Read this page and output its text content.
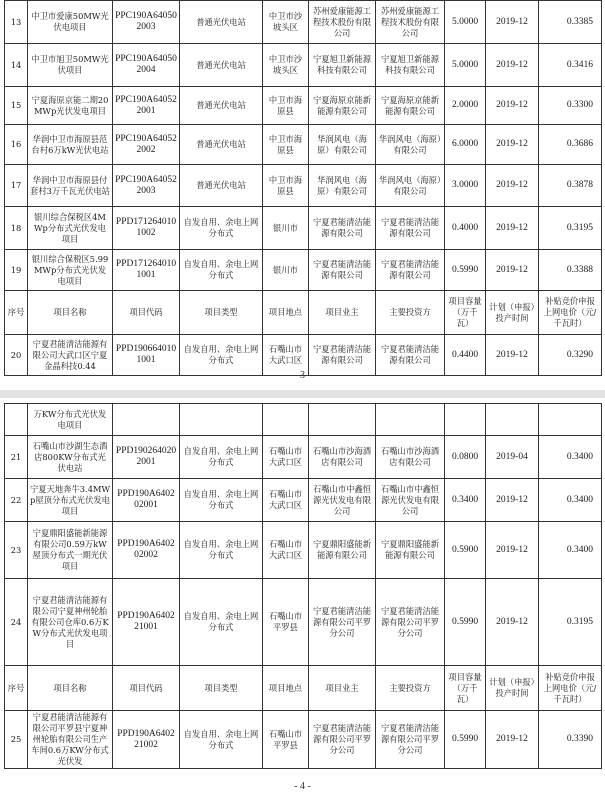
13	中卫市爱康50MW光伏电项目	PPC190A640502003	普通光伏电站	中卫市沙坡头区	苏州爱康能源工程技术股份有限公司	苏州爱康能源工程技术股份有限公司	5.0000	2019-12	0.3385
14	中卫市旭卫50MW光伏项目	PPC190A640502004	普通光伏电站	中卫市沙坡头区	宁夏旭卫新能源科技有限公司	宁夏旭卫新能源科技有限公司	5.0000	2019-12	0.3416
15	宁夏海原京能二期20MWp光伏发电项目	PPC190A640522001	普通光伏电站	中卫市海原县	宁夏海原京能新能源有限公司	宁夏海原京能新能源有限公司	2.0000	2019-12	0.3300
16	华润中卫市海原县范台村6万kW光伏电站	PPC190A640522002	普通光伏电站	中卫市海原县	华润风电（海原）有限公司	华润风电（海原）有限公司	6.0000	2019-12	0.3686
17	华润中卫市海原县付套村3万千瓦光伏电站	PPC190A640522003	普通光伏电站	中卫市海原县	华润风电（海原）有限公司	华润风电（海原）有限公司	3.0000	2019-12	0.3878
18	银川综合保税区4MWp分布式光伏发电项目	PPD1712640101002	自发自用、余电上网分布式	银川市	宁夏君能清洁能源有限公司	宁夏君能清洁能源有限公司	0.4000	2019-12	0.3195
19	银川综合保税区5.99MWp分布式光伏发电项目	PPD1712640101001	自发自用、余电上网分布式	银川市	宁夏君能清洁能源有限公司	宁夏君能清洁能源有限公司	0.5990	2019-12	0.3388
序号	项目名称	项目代码	项目类型	项目地点	项目业主	主要投资方	项目容量（万千瓦）	计划（申报）投产时间	补贴竞价申报上网电价（元/千瓦时）
20	宁夏君能清洁能源有限公司大武口区宁夏金晶科技0.44	PPD1906640101001	自发自用、余电上网分布式	石嘴山市大武口区	宁夏君能清洁能源有限公司	宁夏君能清洁能源有限公司	0.4400	2019-12	0.3290
- 3 -
	万KW分布式光伏发电项目								
21	石嘴山市沙湖生态酒店800KW分布式光伏电站	PPD1902640202001	自发自用、余电上网分布式	石嘴山市大武口区	石嘴山市沙海酒店有限公司	石嘴山市沙海酒店有限公司	0.0800	2019-04	0.3400
22	宁夏天地奔牛3.4MWp屋顶分布式光伏发电项目	PPD190A640202001	自发自用、余电上网分布式	石嘴山市大武口区	石嘴山市中鑫恒源光伏发电有限公司	石嘴山市中鑫恒源光伏发电有限公司	0.3400	2019-12	0.3400
23	宁夏鼎阳盛能新能源有限公司0.59万kW屋顶分布式一期光伏项目	PPD190A640202002	自发自用、余电上网分布式	石嘴山市大武口区	宁夏鼎阳盛能新能源有限公司	宁夏鼎阳盛能新能源有限公司	0.5900	2019-12	0.3400
24	宁夏君能清洁能源有限公司宁夏神州轮胎有限公司仓库0.6万KW分布式光伏发电项目	PPD190A640221001	自发自用、余电上网分布式	石嘴山市平罗县	宁夏君能清洁能源有限公司平罗分公司	宁夏君能清洁能源有限公司平罗分公司	0.5990	2019-12	0.3195
序号	项目名称	项目代码	项目类型	项目地点	项目业主	主要投资方	项目容量（万千瓦）	计划（申报）投产时间	补贴竞价申报上网电价（元/千瓦时）
25	宁夏君能清洁能源有限公司平罗县宁夏神州轮胎有限公司生产车间0.6万KW分布式光伏发	PPD190A640221002	自发自用、余电上网分布式	石嘴山市平罗县	宁夏君能清洁能源有限公司平罗分公司	宁夏君能清洁能源有限公司平罗分公司	0.5990	2019-12	0.3390
- 4 -
